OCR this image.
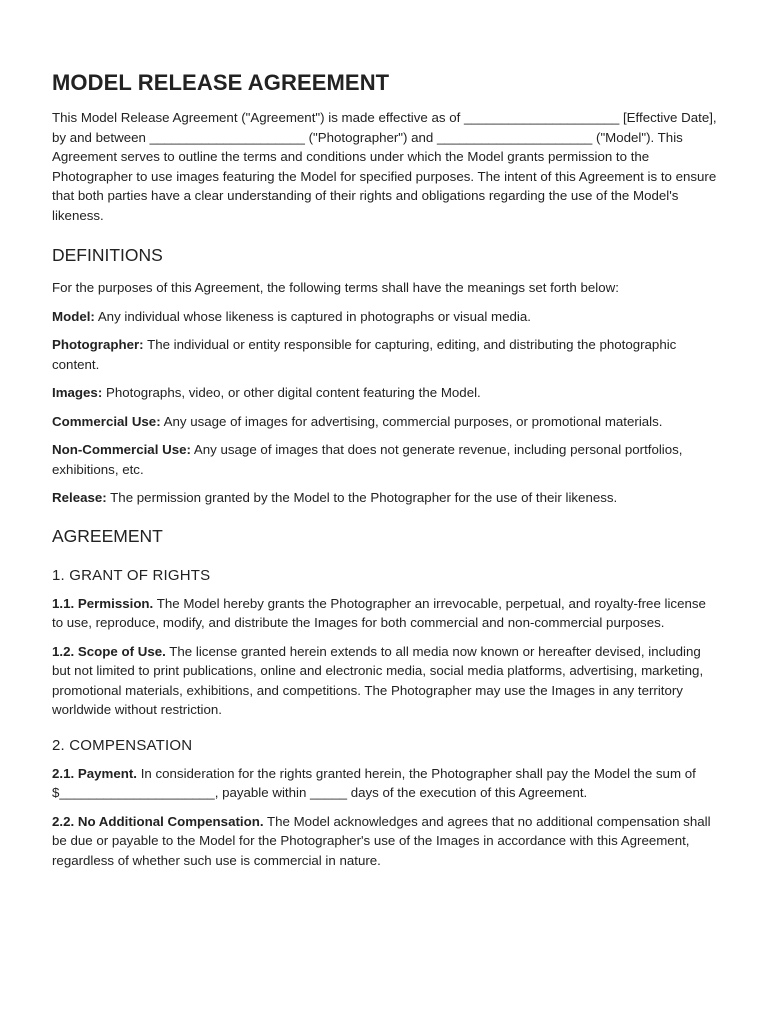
MODEL RELEASE AGREEMENT

This Model Release Agreement ("Agreement") is made effective as of _____________________ [Effective Date], by and between _____________________ ("Photographer") and _____________________ ("Model"). This Agreement serves to outline the terms and conditions under which the Model grants permission to the Photographer to use images featuring the Model for specified purposes. The intent of this Agreement is to ensure that both parties have a clear understanding of their rights and obligations regarding the use of the Model's likeness.

DEFINITIONS

For the purposes of this Agreement, the following terms shall have the meanings set forth below:

Model: Any individual whose likeness is captured in photographs or visual media.

Photographer: The individual or entity responsible for capturing, editing, and distributing the photographic content.

Images: Photographs, video, or other digital content featuring the Model.

Commercial Use: Any usage of images for advertising, commercial purposes, or promotional materials.

Non-Commercial Use: Any usage of images that does not generate revenue, including personal portfolios, exhibitions, etc.

Release: The permission granted by the Model to the Photographer for the use of their likeness.

AGREEMENT
1. GRANT OF RIGHTS

1.1. Permission. The Model hereby grants the Photographer an irrevocable, perpetual, and royalty-free license to use, reproduce, modify, and distribute the Images for both commercial and non-commercial purposes.

1.2. Scope of Use. The license granted herein extends to all media now known or hereafter devised, including but not limited to print publications, online and electronic media, social media platforms, advertising, marketing, promotional materials, exhibitions, and competitions. The Photographer may use the Images in any territory worldwide without restriction.

2. COMPENSATION

2.1. Payment. In consideration for the rights granted herein, the Photographer shall pay the Model the sum of $_____________________, payable within _____ days of the execution of this Agreement.

2.2. No Additional Compensation. The Model acknowledges and agrees that no additional compensation shall be due or payable to the Model for the Photographer's use of the Images in accordance with this Agreement, regardless of whether such use is commercial in nature.
